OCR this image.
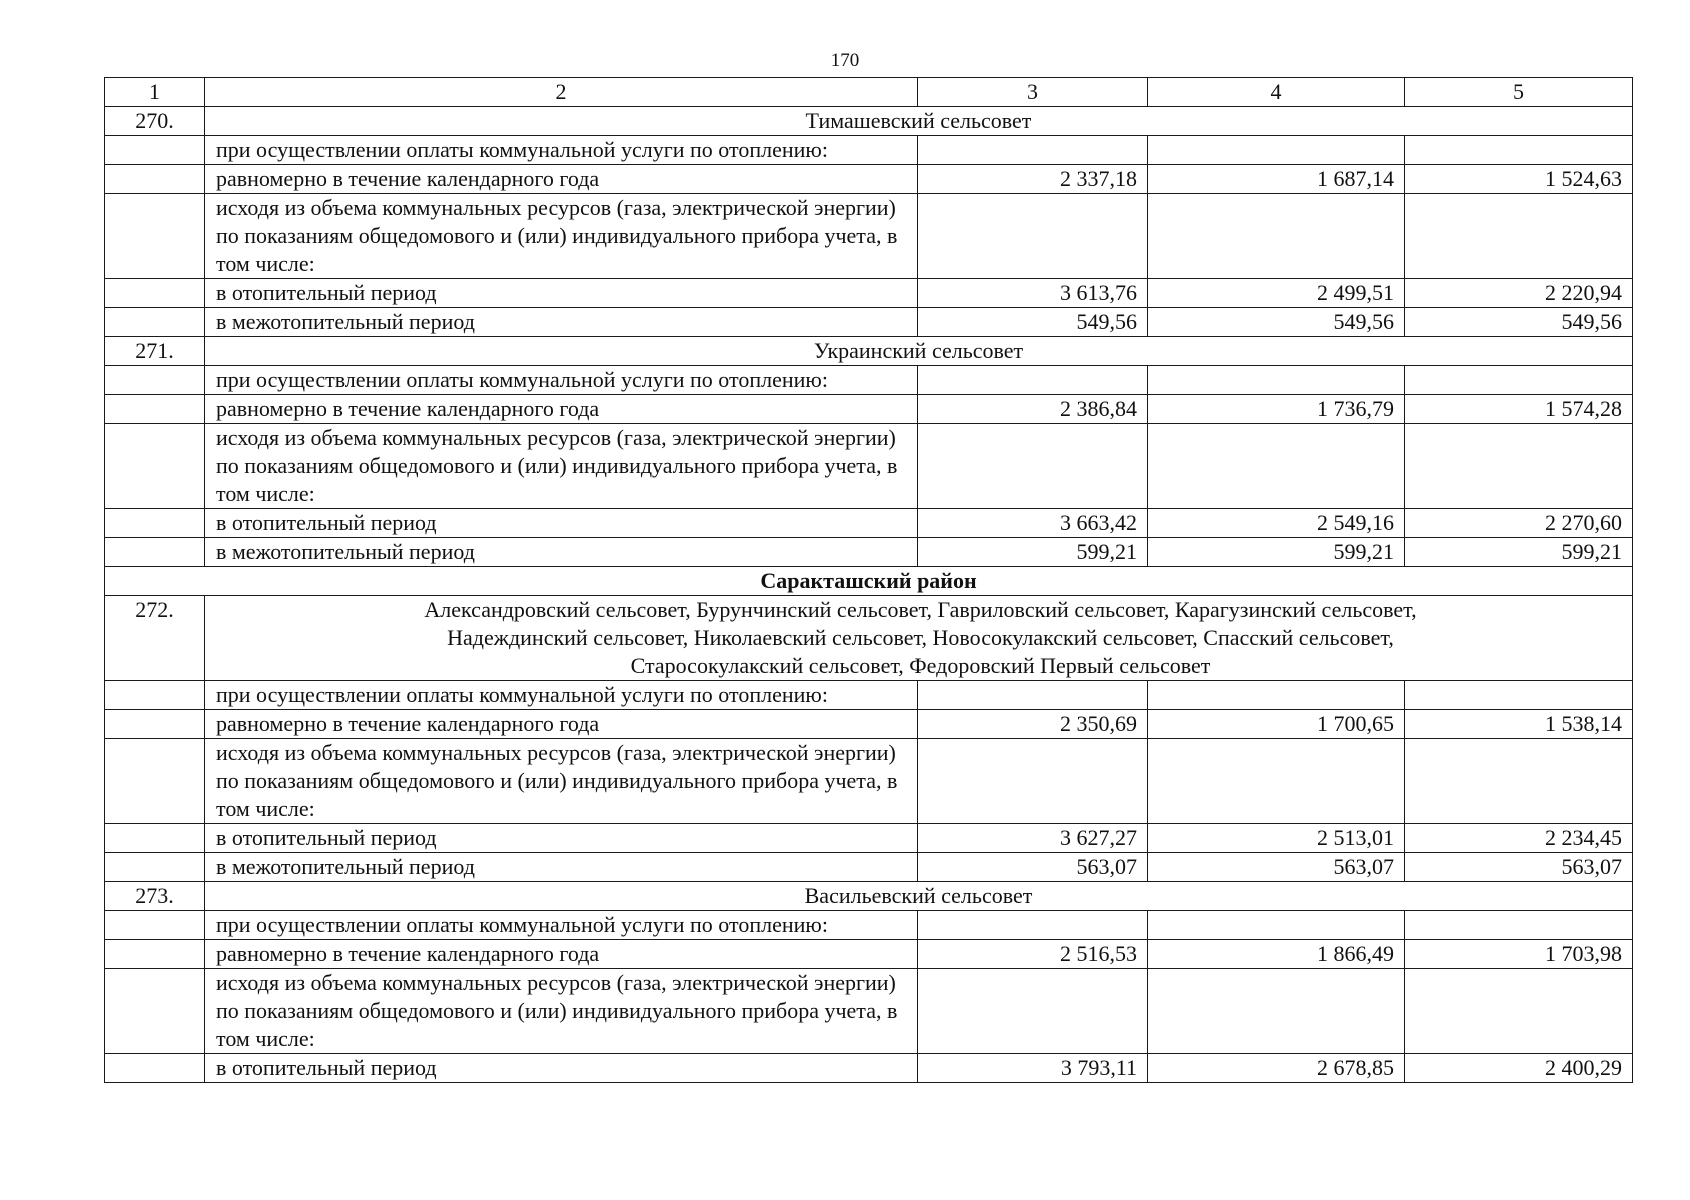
170
1	2	3	4	5
270.	Тимашевский сельсовет			
	при осуществлении оплаты коммунальной услуги по отоплению:			
	равномерно в течение календарного года	2 337,18	1 687,14	1 524,63
	исходя из объема коммунальных ресурсов (газа, электрической энергии) по показаниям общедомового и (или) индивидуального прибора учета, в том числе:			
	в отопительный период	3 613,76	2 499,51	2 220,94
	в межотопительный период	549,56	549,56	549,56
271.	Украинский сельсовет			
	при осуществлении оплаты коммунальной услуги по отоплению:			
	равномерно в течение календарного года	2 386,84	1 736,79	1 574,28
	исходя из объема коммунальных ресурсов (газа, электрической энергии) по показаниям общедомового и (или) индивидуального прибора учета, в том числе:			
	в отопительный период	3 663,42	2 549,16	2 270,60
	в межотопительный период	599,21	599,21	599,21
Саракташский район				
272.	Александровский сельсовет, Бурунчинский сельсовет, Гавриловский сельсовет, Карагузинский сельсовет,
Надеждинский сельсовет, Николаевский сельсовет, Новосокулакский сельсовет, Спасский сельсовет,
Старосокулакский сельсовет, Федоровский Первый сельсовет			

	при осуществлении оплаты коммунальной услуги по отоплению:			
	равномерно в течение календарного года	2 350,69	1 700,65	1 538,14
	исходя из объема коммунальных ресурсов (газа, электрической энергии) по показаниям общедомового и (или) индивидуального прибора учета, в том числе:			
	в отопительный период	3 627,27	2 513,01	2 234,45
	в межотопительный период	563,07	563,07	563,07
273.	Васильевский сельсовет			
	при осуществлении оплаты коммунальной услуги по отоплению:			
	равномерно в течение календарного года	2 516,53	1 866,49	1 703,98
	исходя из объема коммунальных ресурсов (газа, электрической энергии) по показаниям общедомового и (или) индивидуального прибора учета, в том числе:			
	в отопительный период	3 793,11	2 678,85	2 400,29
